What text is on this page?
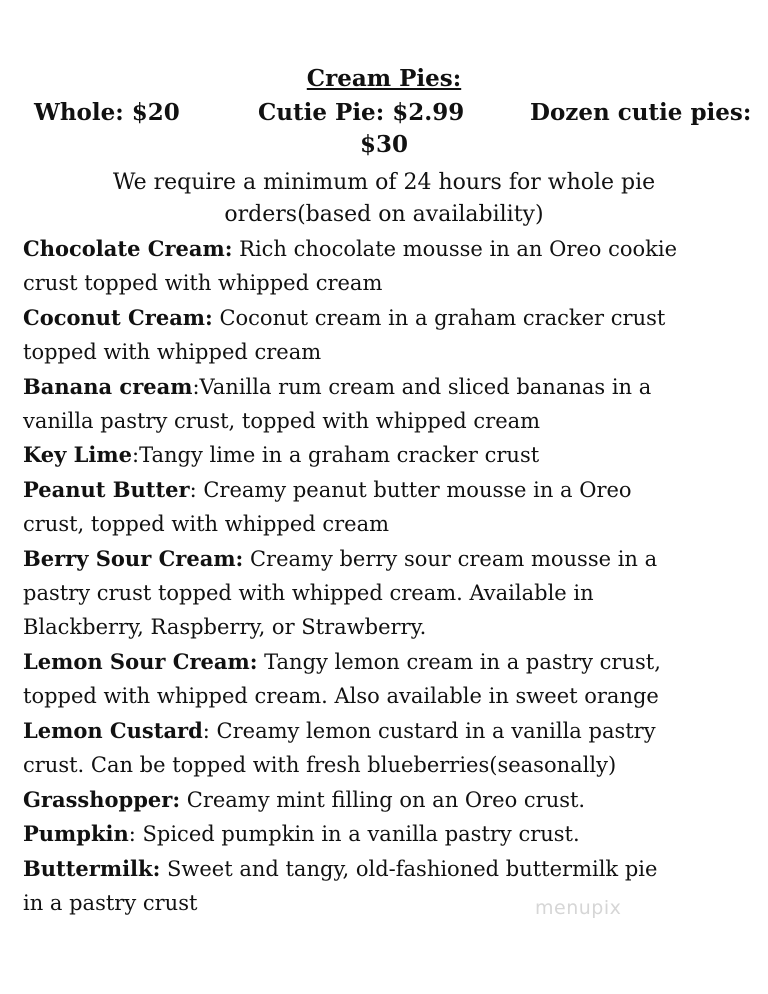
Cream Pies:
Whole: $20	Cutie Pie: $2.99	Dozen cutie pies:
$30
We require a minimum of 24 hours for whole pie
orders(based on availability)
Chocolate Cream: Rich chocolate mousse in an Oreo cookie
crust topped with whipped cream
Coconut Cream: Coconut cream in a graham cracker crust
topped with whipped cream
Banana cream:Vanilla rum cream and sliced bananas in a
vanilla pastry crust, topped with whipped cream
Key Lime:Tangy lime in a graham cracker crust
Peanut Butter: Creamy peanut butter mousse in a Oreo
crust, topped with whipped cream
Berry Sour Cream: Creamy berry sour cream mousse in a
pastry crust topped with whipped cream. Available in
Blackberry, Raspberry, or Strawberry.
Lemon Sour Cream: Tangy lemon cream in a pastry crust,
topped with whipped cream. Also available in sweet orange
Lemon Custard: Creamy lemon custard in a vanilla pastry
crust. Can be topped with fresh blueberries(seasonally)
Grasshopper: Creamy mint filling on an Oreo crust.
Pumpkin: Spiced pumpkin in a vanilla pastry crust.
Buttermilk: Sweet and tangy, old-fashioned buttermilk pie
in a pastry crust	menupix
